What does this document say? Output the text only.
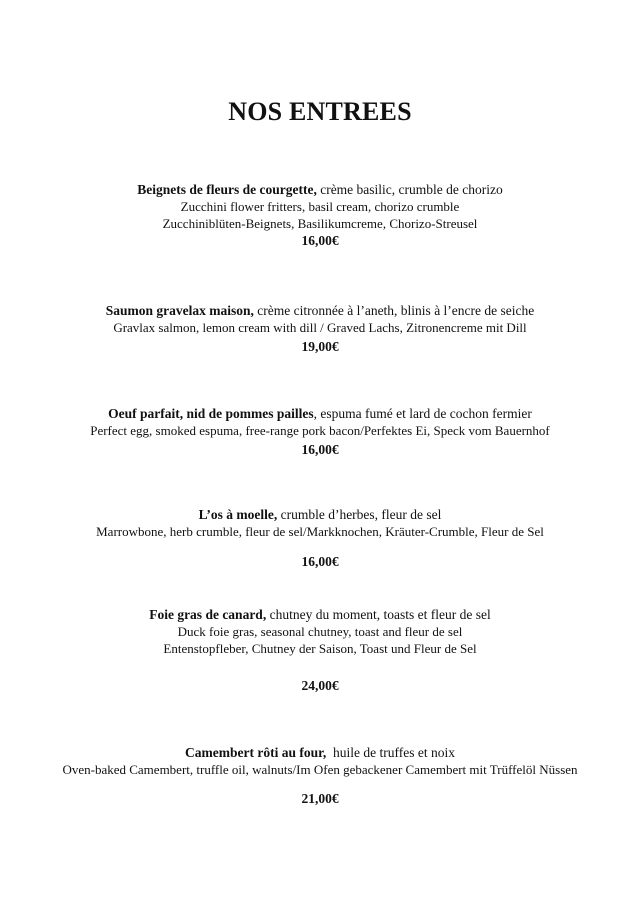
NOS ENTREES
Beignets de fleurs de courgette, crème basilic, crumble de chorizo
Zucchini flower fritters, basil cream, chorizo crumble
Zucchiniblüten-Beignets, Basilikumcreme, Chorizo-Streusel
16,00€
Saumon gravelax maison, crème citronnée à l’aneth, blinis à l’encre de seiche
Gravlax salmon, lemon cream with dill / Graved Lachs, Zitronencreme mit Dill
19,00€
Oeuf parfait, nid de pommes pailles, espuma fumé et lard de cochon fermier
Perfect egg, smoked espuma, free-range pork bacon/Perfektes Ei, Speck vom Bauernhof
16,00€
L’os à moelle, crumble d’herbes, fleur de sel
Marrowbone, herb crumble, fleur de sel/Markknochen, Kräuter-Crumble, Fleur de Sel
16,00€
Foie gras de canard, chutney du moment, toasts et fleur de sel
Duck foie gras, seasonal chutney, toast and fleur de sel
Entenstopfleber, Chutney der Saison, Toast und Fleur de Sel
24,00€
Camembert rôti au four,  huile de truffes et noix
Oven-baked Camembert, truffle oil, walnuts/Im Ofen gebackener Camembert mit Trüffelöl Nüssen
21,00€
